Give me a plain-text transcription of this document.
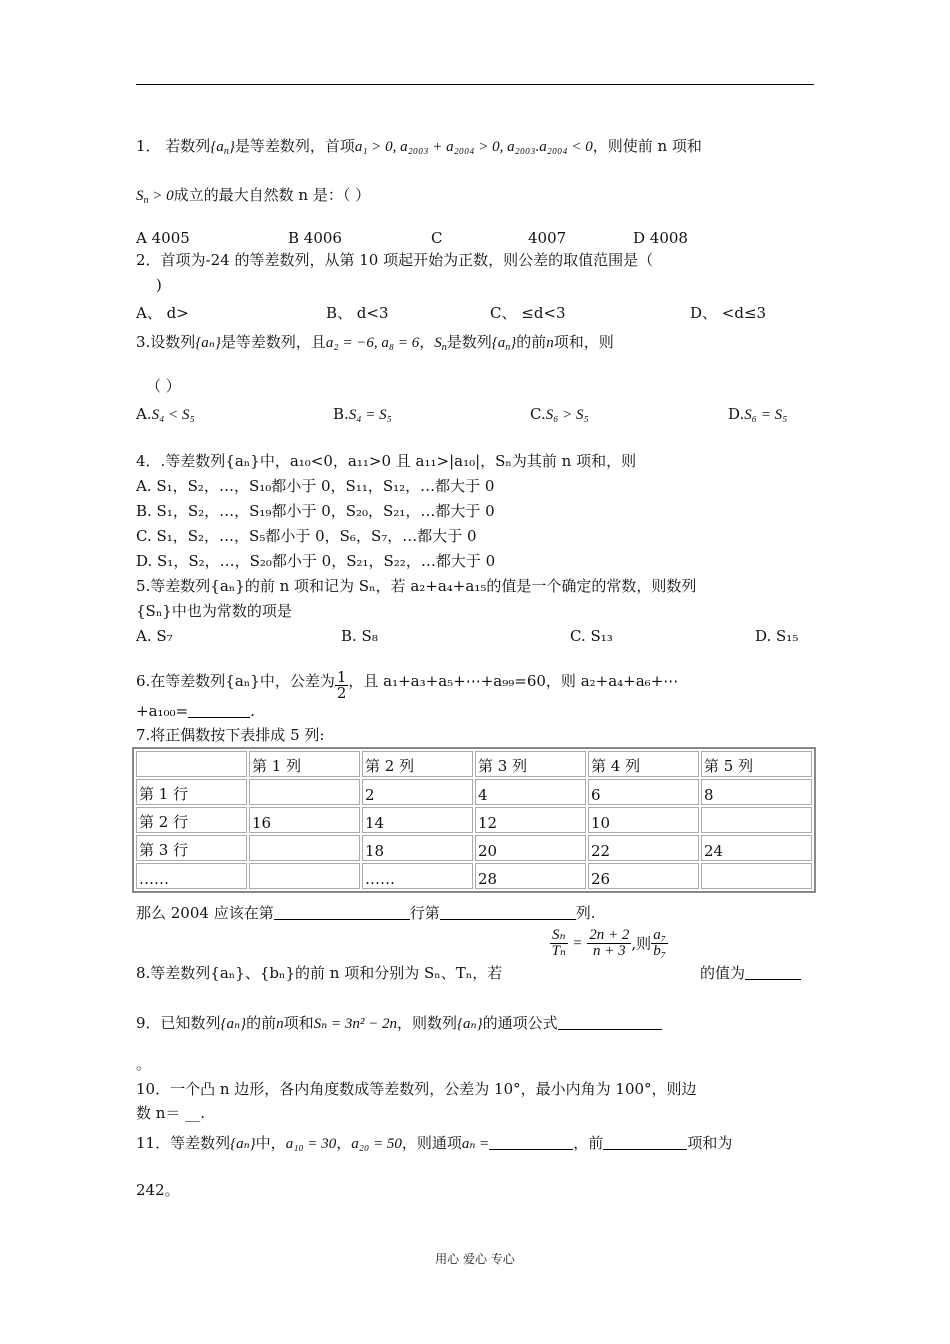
1． 若数列$\{a_n\}$是等差数列，首项a₁ > 0, a₂₀₀₃ + a₂₀₀₄ > 0, a₂₀₀₃.a₂₀₀₄ < 0，则使前 n 项和
$S_n > 0$成立的最大自然数 n 是：（ ）
A 4005	B 4006	C	4007	D 4008
2．首项为-24 的等差数列，从第 10 项起开始为正数，则公差的取值范围是（
)
A、 d>	B、 d<3	C、 ≤d<3	D、 <d≤3
3.设数列{aₙ}是等差数列，且a₂ = −6, a₈ = 6，$S_n$是数列$\{a_n\}$的前n项和，则
（ ）
A.S₄ < S₅	B.S₄ = S₅	C.S₆ > S₅	D.S₆ = S₅
4．.等差数列{aₙ}中，a₁₀<0，a₁₁>0 且 a₁₁>|a₁₀|，Sₙ为其前 n 项和，则
A. S₁，S₂，…，S₁₀都小于 0，S₁₁，S₁₂，…都大于 0
B. S₁，S₂，…，S₁₉都小于 0，S₂₀，S₂₁，…都大于 0
C. S₁，S₂，…，S₅都小于 0，S₆，S₇，…都大于 0
D. S₁，S₂，…，S₂₀都小于 0，S₂₁，S₂₂，…都大于 0
5.等差数列{aₙ}的前 n 项和记为 Sₙ，若 a₂+a₄+a₁₅的值是一个确定的常数，则数列
{Sₙ}中也为常数的项是
A. S₇	B. S₈	C. S₁₃	D. S₁₅
6.在等差数列{aₙ}中，公差为 $\frac{1}{2}$ ，且 a₁+a₃+a₅+⋯+a₉₉=60，则 a₂+a₄+a₆+⋯
+a₁₀₀=	.
7.将正偶数按下表排成 5 列:
	第 1 列	第 2 列	第 3 列	第 4 列	第 5 列
第 1 行		2	4	6	8
第 2 行	16	14	12	10	
第 3 行		18	20	22	24
……		……	28	26	
那么 2004 应该在第	行第	列.
8.等差数列{aₙ}、{bₙ}的前 n 项和分别为 Sₙ、Tₙ，若
$\frac{\text{Sₙ}}{\text{Tₙ}} = \frac{2n + 2}{n + 3}$ ,则 $\frac{\text{a₇}}{\text{b₇}}$
的值为
9．已知数列{aₙ}的前n项和Sₙ = 3n² − 2n，则数列{aₙ}的通项公式
。
10．一个凸 n 边形，各内角度数成等差数列，公差为 10°，最小内角为 100°，则边
数 n＝ __.
11．等差数列{aₙ}中，a₁₀ = 30，a₂₀ = 50，则通项aₙ =	，前	项和为
242。
用心 爱心 专心
